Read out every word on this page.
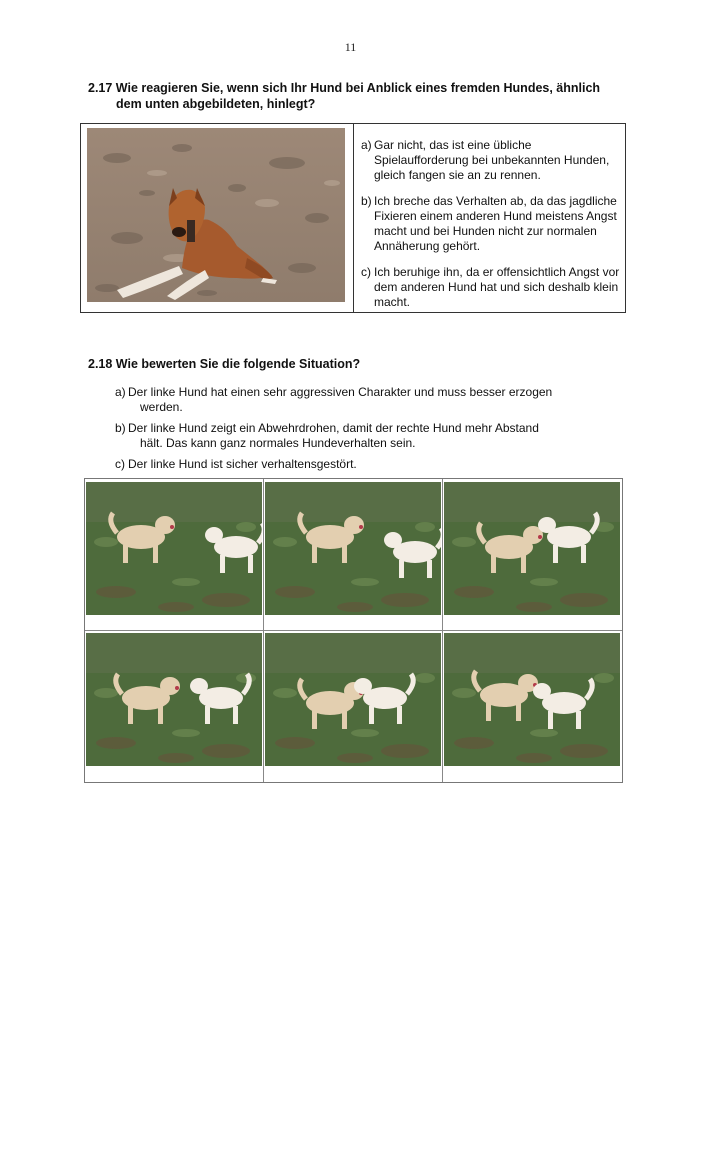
11
2.17 Wie reagieren Sie, wenn sich Ihr Hund bei Anblick eines fremden Hundes, ähnlich
dem unten abgebildeten, hinlegt?
a) Gar nicht, das ist eine übliche Spielaufforderung bei unbekannten Hunden, gleich fangen sie an zu rennen.
b) Ich breche das Verhalten ab, da das jagdliche Fixieren einem anderen Hund meistens Angst macht und bei Hunden nicht zur normalen Annäherung gehört.
c) Ich beruhige ihn, da er offensichtlich Angst vor dem anderen Hund hat und sich deshalb klein macht.
2.18 Wie bewerten Sie die folgende Situation?
a) Der linke Hund hat einen sehr aggressiven Charakter und muss besser erzogen
werden.
b) Der linke Hund zeigt ein Abwehrdrohen, damit der rechte Hund mehr Abstand
hält. Das kann ganz normales Hundeverhalten sein.
c) Der linke Hund ist sicher verhaltensgestört.
